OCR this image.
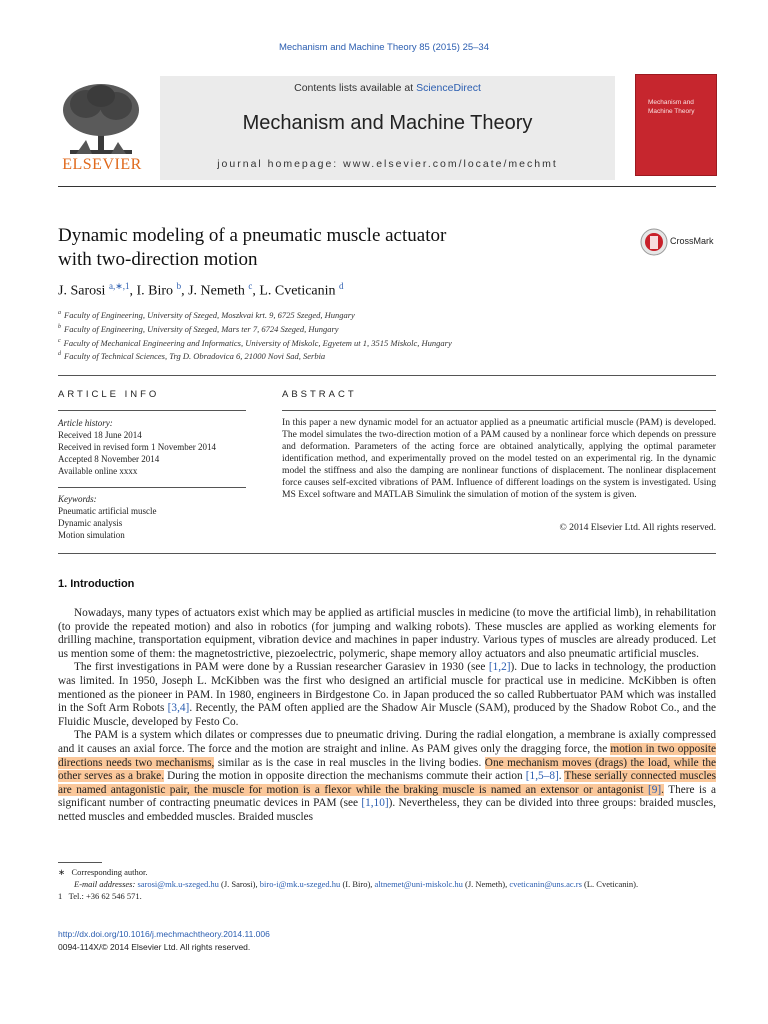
Mechanism and Machine Theory 85 (2015) 25–34
ELSEVIER
Contents lists available at ScienceDirect
Mechanism and Machine Theory
journal homepage: www.elsevier.com/locate/mechmt
Mechanism and
Machine Theory
Dynamic modeling of a pneumatic muscle actuator
with two-direction motion
CrossMark
J. Sarosi $^{a,∗,1}$, I. Biro $^b$, J. Nemeth $^c$, L. Cveticanin $^d$
$^a$ Faculty of Engineering, University of Szeged, Moszkvai krt. 9, 6725 Szeged, Hungary
$^b$ Faculty of Engineering, University of Szeged, Mars ter 7, 6724 Szeged, Hungary
$^c$ Faculty of Mechanical Engineering and Informatics, University of Miskolc, Egyetem ut 1, 3515 Miskolc, Hungary
$^d$ Faculty of Technical Sciences, Trg D. Obradovica 6, 21000 Novi Sad, Serbia
ARTICLE INFO
Article history:
Received 18 June 2014
Received in revised form 1 November 2014
Accepted 8 November 2014
Available online xxxx
Keywords:
Pneumatic artificial muscle
Dynamic analysis
Motion simulation
ABSTRACT
In this paper a new dynamic model for an actuator applied as a pneumatic artificial muscle (PAM) is developed. The model simulates the two-direction motion of a PAM caused by a nonlinear force which depends on pressure and deformation. Parameters of the acting force are obtained analytically, applying the optimal parameter identification method, and experimentally proved on the model tested on an experimental rig. In the dynamic model the stiffness and also the damping are nonlinear functions of displacement. The nonlinear displacement force causes self-excited vibrations of PAM. Influence of different loadings on the system is investigated. Using MS Excel software and MATLAB Simulink the simulation of motion of the system is given.
© 2014 Elsevier Ltd. All rights reserved.
1. Introduction

Nowadays, many types of actuators exist which may be applied as artificial muscles in medicine (to move the artificial limb), in rehabilitation (to provide the repeated motion) and also in robotics (for jumping and walking robots). These muscles are applied as working elements for drilling machine, transportation equipment, vibration device and machines in paper industry. Various types of muscles are already produced. Let us mention some of them: the magnetostrictive, piezoelectric, polymeric, shape memory alloy actuators and also pneumatic artificial muscles.

The first investigations in PAM were done by a Russian researcher Garasiev in 1930 (see [1,2]). Due to lacks in technology, the production was limited. In 1950, Joseph L. McKibben was the first who designed an artificial muscle for practical use in medicine. McKibben is often mentioned as the pioneer in PAM. In 1980, engineers in Birdgestone Co. in Japan produced the so called Rubbertuator PAM which was installed in the Soft Arm Robots [3,4]. Recently, the PAM often applied are the Shadow Air Muscle (SAM), produced by the Shadow Robot Co., and the Fluidic Muscle, developed by Festo Co.

The PAM is a system which dilates or compresses due to pneumatic driving. During the radial elongation, a membrane is axially compressed and it causes an axial force. The force and the motion are straight and inline. As PAM gives only the dragging force, the motion in two opposite directions needs two mechanisms, similar as is the case in real muscles in the living bodies. One mechanism moves (drags) the load, while the other serves as a brake. During the motion in opposite direction the mechanisms commute their action [1,5–8]. These serially connected muscles are named antagonistic pair, the muscle for motion is a flexor while the braking muscle is named an extensor or antagonist [9]. There is a significant number of contracting pneumatic devices in PAM (see [1,10]). Nevertheless, they can be divided into three groups: braided muscles, netted muscles and embedded muscles. Braided muscles

∗ Corresponding author.
E-mail addresses: sarosi@mk.u-szeged.hu (J. Sarosi), biro-i@mk.u-szeged.hu (I. Biro), altnemet@uni-miskolc.hu (J. Nemeth), cveticanin@uns.ac.rs (L. Cveticanin).
1 Tel.: +36 62 546 571.
http://dx.doi.org/10.1016/j.mechmachtheory.2014.11.006
0094-114X/© 2014 Elsevier Ltd. All rights reserved.
